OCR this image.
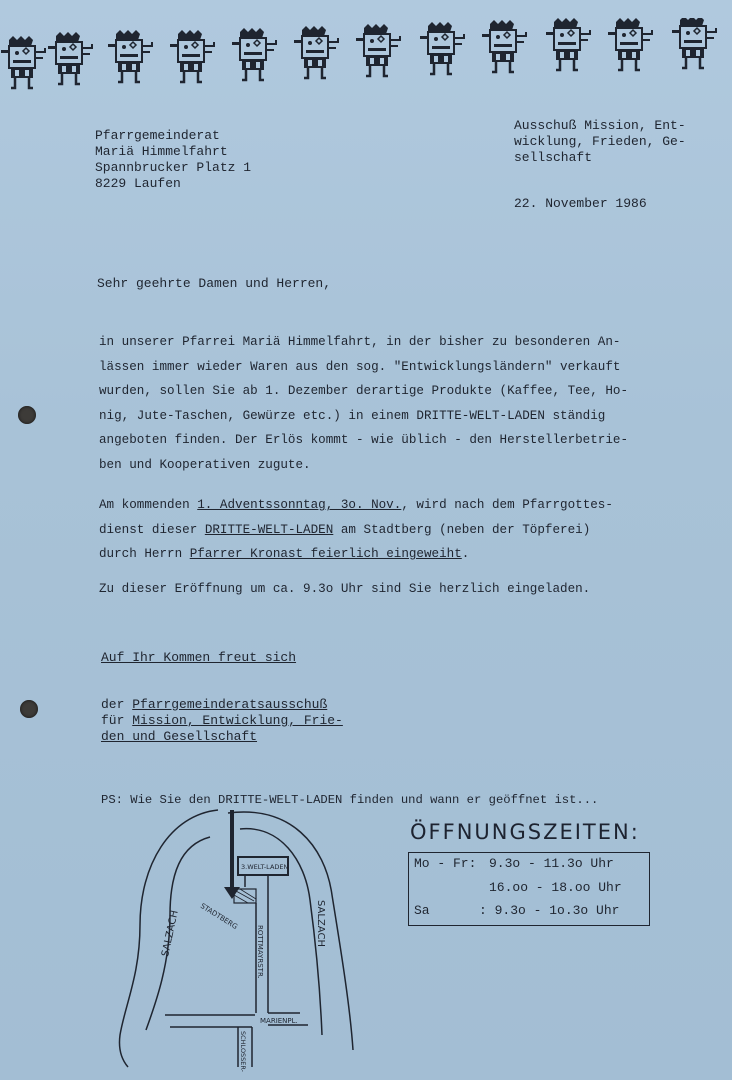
Pfarrgemeinderat
Mariä Himmelfahrt
Spannbrucker Platz 1
8229 Laufen
Ausschuß Mission, Ent-
wicklung, Frieden, Ge-
sellschaft
22. November 1986
Sehr geehrte Damen und Herren,
in unserer Pfarrei Mariä Himmelfahrt, in der bisher zu besonderen An-
lässen immer wieder Waren aus den sog. "Entwicklungsländern" verkauft
wurden, sollen Sie ab 1. Dezember derartige Produkte (Kaffee, Tee, Ho-
nig, Jute-Taschen, Gewürze etc.) in einem DRITTE-WELT-LADEN ständig
angeboten finden. Der Erlös kommt - wie üblich - den Herstellerbetrie-
ben und Kooperativen zugute.
Am kommenden 1. Adventssonntag, 3o. Nov., wird nach dem Pfarrgottes-
dienst dieser DRITTE-WELT-LADEN am Stadtberg (neben der Töpferei)
durch Herrn Pfarrer Kronast feierlich eingeweiht.
Zu dieser Eröffnung um ca. 9.3o Uhr sind Sie herzlich eingeladen.
Auf Ihr Kommen freut sich
der Pfarrgemeinderatsausschuß
für Mission, Entwicklung, Frie-
den und Gesellschaft
PS: Wie Sie den DRITTE-WELT-LADEN finden und wann er geöffnet ist...
3.WELT-LADEN
SALZACH	SALZACH
STADTBERG
ROTTMAYRSTR.
SCHLOSSER-
MARIENPL.
ÖFFNUNGSZEITEN:
Mo - Fr: 9.3o - 11.3o Uhr
16.oo - 18.oo Uhr
Sa	: 9.3o - 1o.3o Uhr
